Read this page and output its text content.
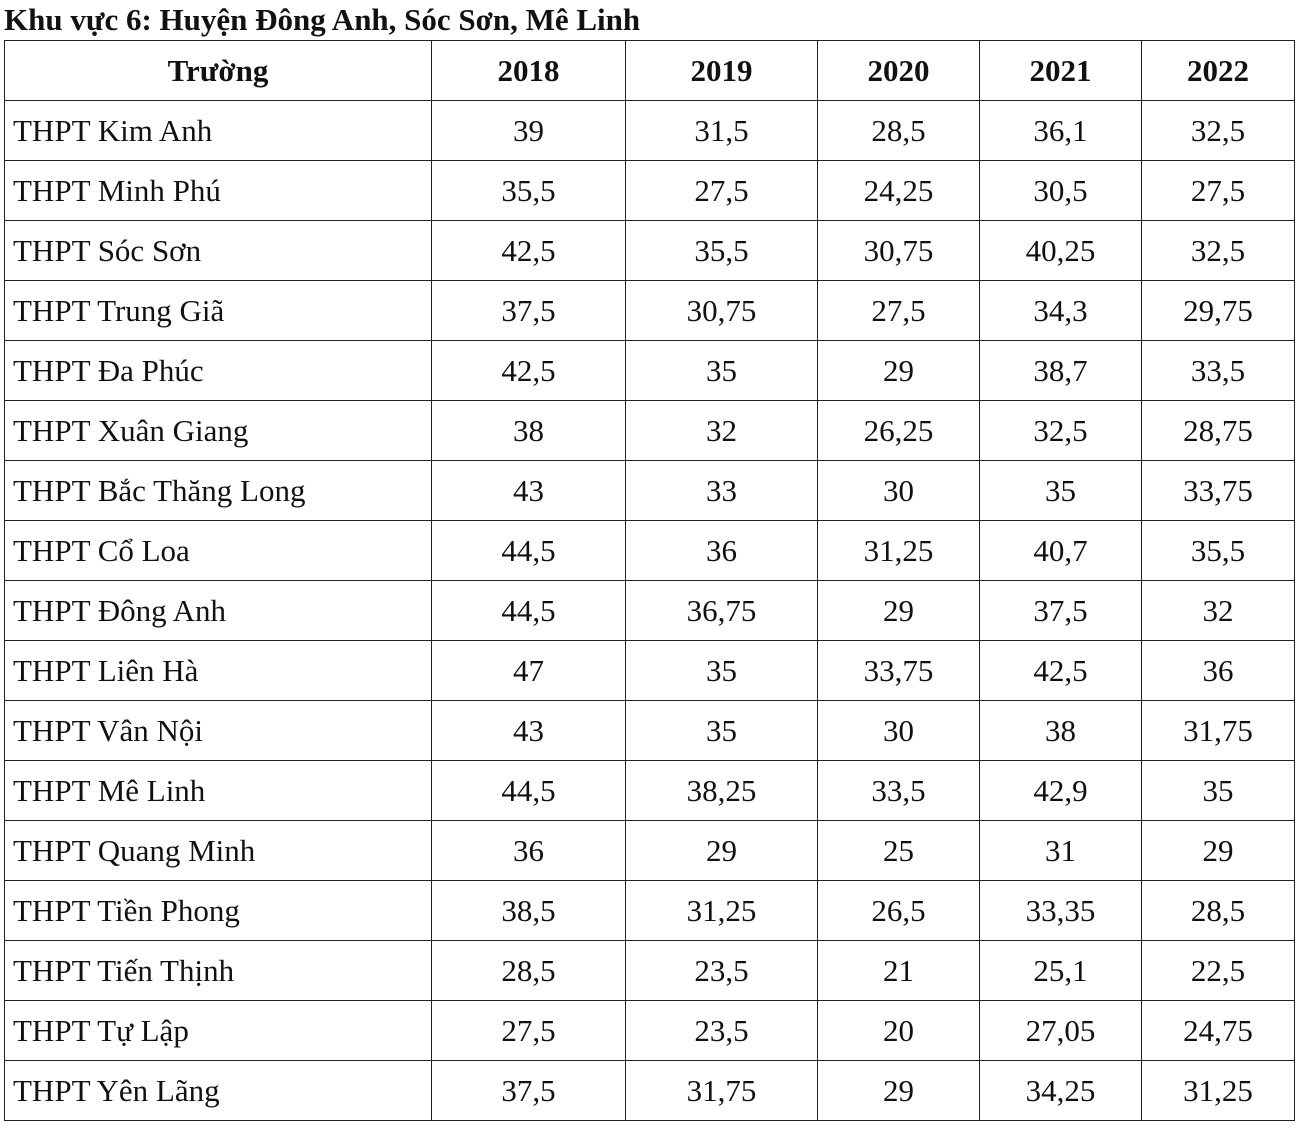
Khu vực 6: Huyện Đông Anh, Sóc Sơn, Mê Linh
Trường	2018	2019	2020	2021	2022
THPT Kim Anh	39	31,5	28,5	36,1	32,5
THPT Minh Phú	35,5	27,5	24,25	30,5	27,5
THPT Sóc Sơn	42,5	35,5	30,75	40,25	32,5
THPT Trung Giã	37,5	30,75	27,5	34,3	29,75
THPT Đa Phúc	42,5	35	29	38,7	33,5
THPT Xuân Giang	38	32	26,25	32,5	28,75
THPT Bắc Thăng Long	43	33	30	35	33,75
THPT Cổ Loa	44,5	36	31,25	40,7	35,5
THPT Đông Anh	44,5	36,75	29	37,5	32
THPT Liên Hà	47	35	33,75	42,5	36
THPT Vân Nội	43	35	30	38	31,75
THPT Mê Linh	44,5	38,25	33,5	42,9	35
THPT Quang Minh	36	29	25	31	29
THPT Tiền Phong	38,5	31,25	26,5	33,35	28,5
THPT Tiến Thịnh	28,5	23,5	21	25,1	22,5
THPT Tự Lập	27,5	23,5	20	27,05	24,75
THPT Yên Lãng	37,5	31,75	29	34,25	31,25
